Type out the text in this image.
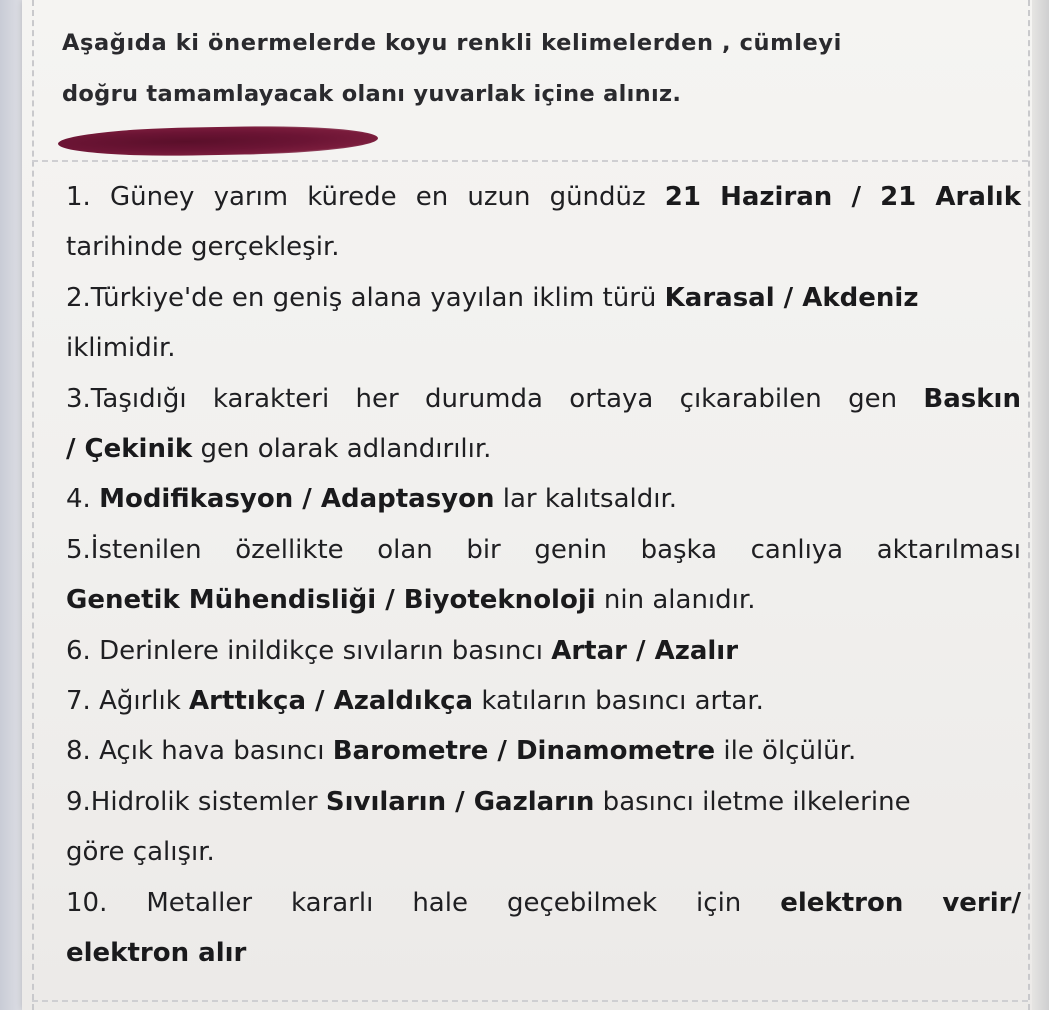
Aşağıda ki önermelerde koyu renkli kelimelerden , cümleyi
doğru tamamlayacak olanı yuvarlak içine alınız.
1. Güney yarım kürede en uzun gündüz 21 Haziran / 21 Aralık
tarihinde gerçekleşir.
2.Türkiye'de en geniş alana yayılan iklim türü Karasal / Akdeniz
iklimidir.
3.Taşıdığı karakteri her durumda ortaya çıkarabilen gen Baskın
/ Çekinik gen olarak adlandırılır.
4. Modifikasyon / Adaptasyon lar kalıtsaldır.
5.İstenilen özellikte olan bir genin başka canlıya aktarılması
Genetik Mühendisliği / Biyoteknoloji nin alanıdır.
6. Derinlere inildikçe sıvıların basıncı Artar / Azalır
7. Ağırlık Arttıkça / Azaldıkça katıların basıncı artar.
8. Açık hava basıncı Barometre / Dinamometre ile ölçülür.
9.Hidrolik sistemler Sıvıların / Gazların basıncı iletme ilkelerine
göre çalışır.
10. Metaller kararlı hale geçebilmek için elektron verir/
elektron alır
